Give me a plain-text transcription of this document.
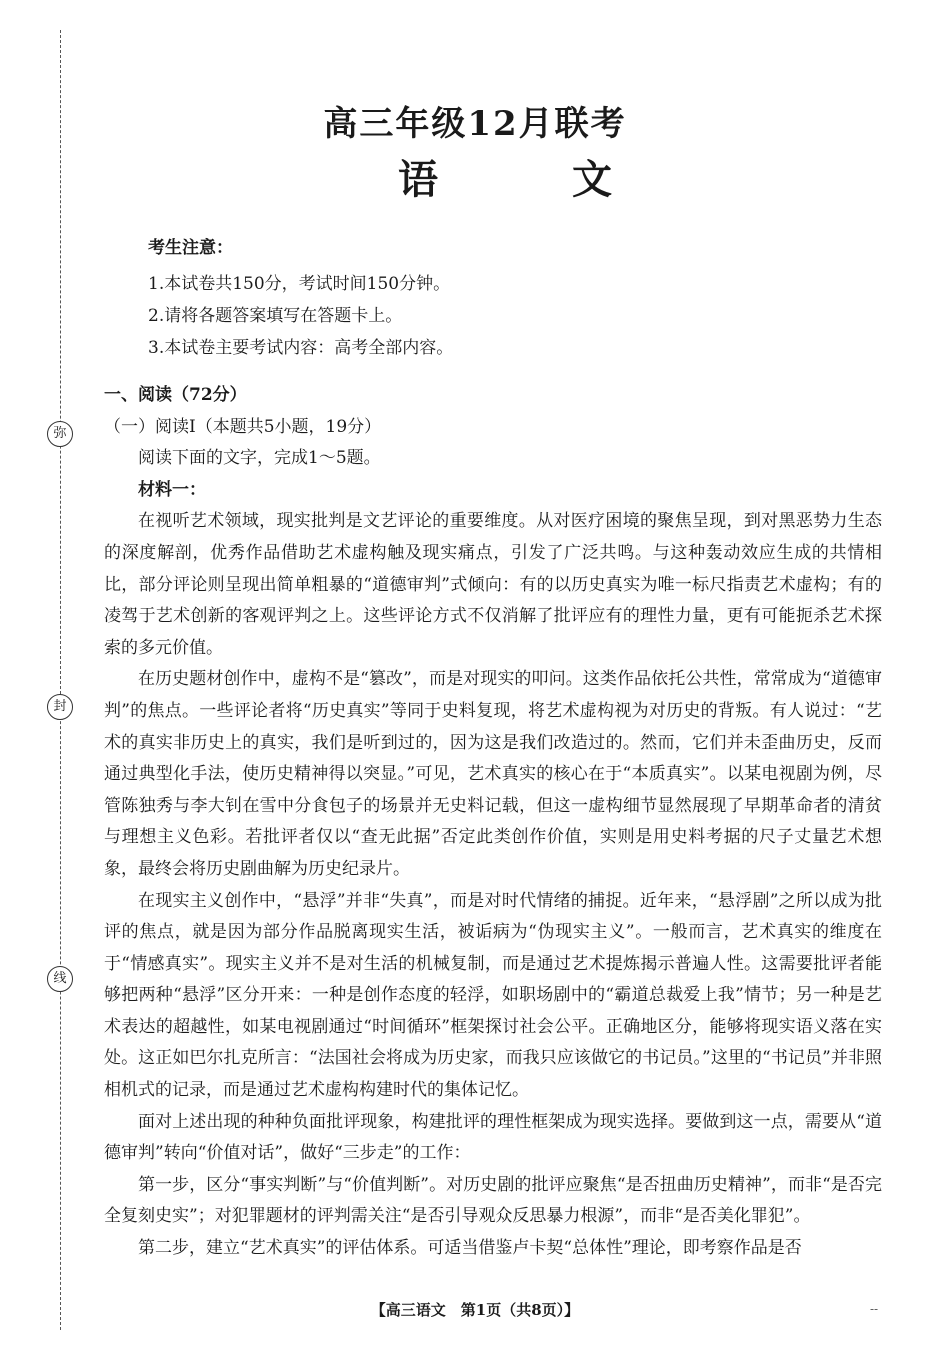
弥
封
线
高三年级12月联考
语 文
考生注意：
1.本试卷共150分，考试时间150分钟。
2.请将各题答案填写在答题卡上。
3.本试卷主要考试内容：高考全部内容。

一、阅读（72分）

（一）阅读Ⅰ（本题共5小题，19分）

阅读下面的文字，完成1～5题。

材料一：

在视听艺术领域，现实批判是文艺评论的重要维度。从对医疗困境的聚焦呈现，到对黑恶势力生态的深度解剖，优秀作品借助艺术虚构触及现实痛点，引发了广泛共鸣。与这种轰动效应生成的共情相比，部分评论则呈现出简单粗暴的“道德审判”式倾向：有的以历史真实为唯一标尺指责艺术虚构；有的凌驾于艺术创新的客观评判之上。这些评论方式不仅消解了批评应有的理性力量，更有可能扼杀艺术探索的多元价值。

在历史题材创作中，虚构不是“篡改”，而是对现实的叩问。这类作品依托公共性，常常成为“道德审判”的焦点。一些评论者将“历史真实”等同于史料复现，将艺术虚构视为对历史的背叛。有人说过：“艺术的真实非历史上的真实，我们是听到过的，因为这是我们改造过的。然而，它们并未歪曲历史，反而通过典型化手法，使历史精神得以突显。”可见，艺术真实的核心在于“本质真实”。以某电视剧为例，尽管陈独秀与李大钊在雪中分食包子的场景并无史料记载，但这一虚构细节显然展现了早期革命者的清贫与理想主义色彩。若批评者仅以“查无此据”否定此类创作价值，实则是用史料考据的尺子丈量艺术想象，最终会将历史剧曲解为历史纪录片。

在现实主义创作中，“悬浮”并非“失真”，而是对时代情绪的捕捉。近年来，“悬浮剧”之所以成为批评的焦点，就是因为部分作品脱离现实生活，被诟病为“伪现实主义”。一般而言，艺术真实的维度在于“情感真实”。现实主义并不是对生活的机械复制，而是通过艺术提炼揭示普遍人性。这需要批评者能够把两种“悬浮”区分开来：一种是创作态度的轻浮，如职场剧中的“霸道总裁爱上我”情节；另一种是艺术表达的超越性，如某电视剧通过“时间循环”框架探讨社会公平。正确地区分，能够将现实语义落在实处。这正如巴尔扎克所言：“法国社会将成为历史家，而我只应该做它的书记员。”这里的“书记员”并非照相机式的记录，而是通过艺术虚构构建时代的集体记忆。

面对上述出现的种种负面批评现象，构建批评的理性框架成为现实选择。要做到这一点，需要从“道德审判”转向“价值对话”，做好“三步走”的工作：

第一步，区分“事实判断”与“价值判断”。对历史剧的批评应聚焦“是否扭曲历史精神”，而非“是否完全复刻史实”；对犯罪题材的评判需关注“是否引导观众反思暴力根源”，而非“是否美化罪犯”。

第二步，建立“艺术真实”的评估体系。可适当借鉴卢卡契“总体性”理论，即考察作品是否

【高三语文　第1页（共8页）】	--
